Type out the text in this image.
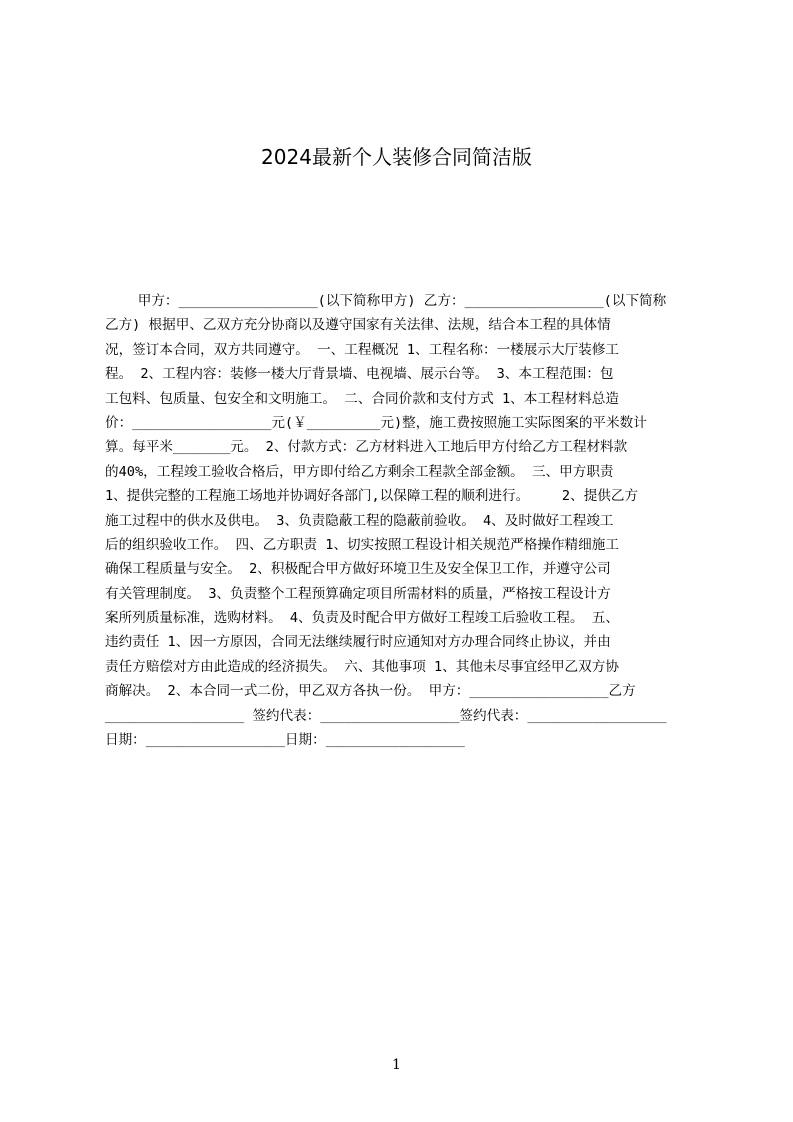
2024最新个人装修合同简洁版
甲方：_________________(以下简称甲方) 乙方：_________________(以下简称
乙方) 根据甲、乙双方充分协商以及遵守国家有关法律、法规，结合本工程的具体情
况，签订本合同，双方共同遵守。 一、工程概况 1、工程名称：一楼展示大厅装修工
程。 2、工程内容：装修一楼大厅背景墙、电视墙、展示台等。 3、本工程范围：包
工包料、包质量、包安全和文明施工。 二、合同价款和支付方式 1、本工程材料总造
价：_________________元(￥_________元)整，施工费按照施工实际图案的平米数计
算。每平米_______元。 2、付款方式：乙方材料进入工地后甲方付给乙方工程材料款
的40%，工程竣工验收合格后，甲方即付给乙方剩余工程款全部金额。 三、甲方职责
1、提供完整的工程施工场地并协调好各部门,以保障工程的顺利进行。    2、提供乙方
施工过程中的供水及供电。 3、负责隐蔽工程的隐蔽前验收。 4、及时做好工程竣工
后的组织验收工作。 四、乙方职责 1、切实按照工程设计相关规范严格操作精细施工
确保工程质量与安全。 2、积极配合甲方做好环境卫生及安全保卫工作，并遵守公司
有关管理制度。 3、负责整个工程预算确定项目所需材料的质量，严格按工程设计方
案所列质量标准，选购材料。 4、负责及时配合甲方做好工程竣工后验收工程。 五、
违约责任 1、因一方原因，合同无法继续履行时应通知对方办理合同终止协议，并由
责任方赔偿对方由此造成的经济损失。 六、其他事项 1、其他未尽事宜经甲乙双方协
商解决。 2、本合同一式二份，甲乙双方各执一份。 甲方：_________________乙方
_________________ 签约代表：_________________签约代表：_________________
日期：_________________日期：_________________
1
